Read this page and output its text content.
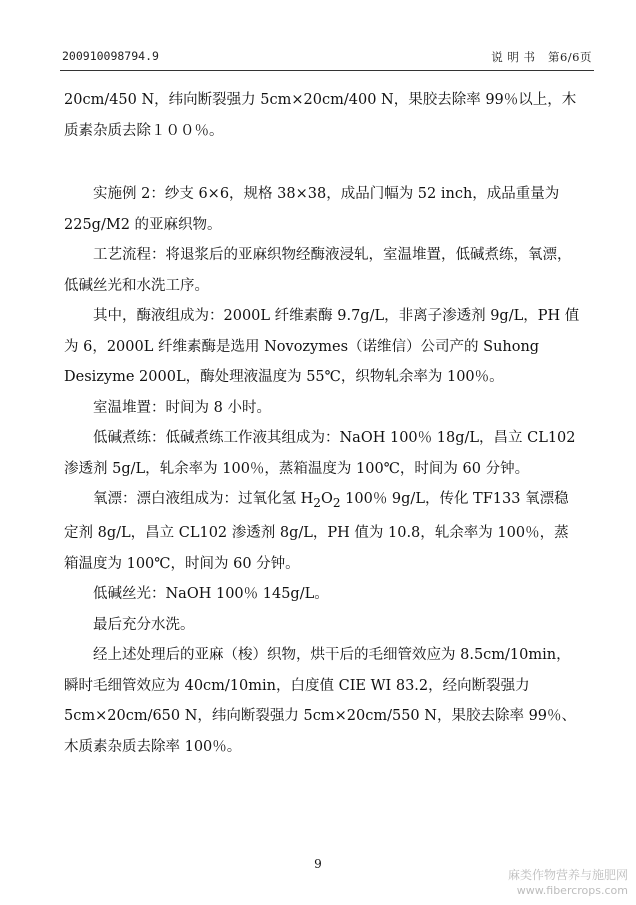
200910098794.9	说 明 书 第6/6页

20cm/450 N，纬向断裂强力 5cm×20cm/400 N，果胶去除率 99％以上，木质素杂质去除１００％。

实施例 2：纱支 6×6，规格 38×38，成品门幅为 52 inch，成品重量为 225g/M2 的亚麻织物。

工艺流程：将退浆后的亚麻织物经酶液浸轧，室温堆置，低碱煮练，氧漂，低碱丝光和水洗工序。

其中，酶液组成为：2000L 纤维素酶 9.7g/L，非离子渗透剂 9g/L，PH 值为 6，2000L 纤维素酶是选用 Novozymes（诺维信）公司产的 Suhong Desizyme 2000L，酶处理液温度为 55℃，织物轧余率为 100％。

室温堆置：时间为 8 小时。

低碱煮练：低碱煮练工作液其组成为：NaOH 100％ 18g/L，昌立 CL102 渗透剂 5g/L，轧余率为 100％，蒸箱温度为 100℃，时间为 60 分钟。

氧漂：漂白液组成为：过氧化氢 $H_2O_2$ 100％ 9g/L，传化 TF133 氧漂稳定剂 8g/L，昌立 CL102 渗透剂 8g/L，PH 值为 10.8，轧余率为 100％，蒸箱温度为 100℃，时间为 60 分钟。

低碱丝光：NaOH 100％ 145g/L。

最后充分水洗。

经上述处理后的亚麻（梭）织物，烘干后的毛细管效应为 8.5cm/10min，瞬时毛细管效应为 40cm/10min，白度值 CIE WI 83.2，经向断裂强力 5cm×20cm/650 N，纬向断裂强力 5cm×20cm/550 N，果胶去除率 99％、木质素杂质去除率 100％。

9
麻类作物营养与施肥网
www.fibercrops.com
